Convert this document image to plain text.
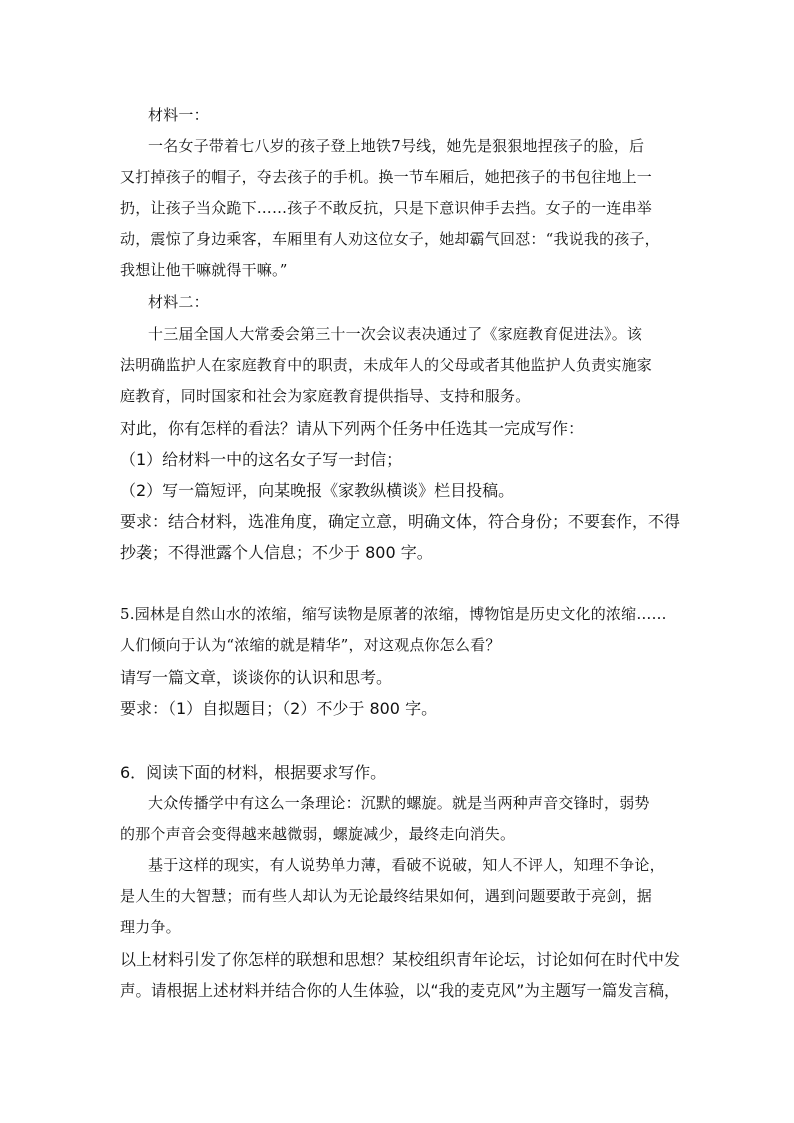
材料一：
一名女子带着七八岁的孩子登上地铁7号线，她先是狠狠地捏孩子的脸，后
又打掉孩子的帽子，夺去孩子的手机。换一节车厢后，她把孩子的书包往地上一
扔，让孩子当众跪下……孩子不敢反抗，只是下意识伸手去挡。女子的一连串举
动，震惊了身边乘客，车厢里有人劝这位女子，她却霸气回怼：“我说我的孩子，
我想让他干嘛就得干嘛。”
材料二：
十三届全国人大常委会第三十一次会议表决通过了《家庭教育促进法》。该
法明确监护人在家庭教育中的职责，未成年人的父母或者其他监护人负责实施家
庭教育，同时国家和社会为家庭教育提供指导、支持和服务。
对此，你有怎样的看法？请从下列两个任务中任选其一完成写作：
（1）给材料一中的这名女子写一封信；
（2）写一篇短评，向某晚报《家教纵横谈》栏目投稿。
要求：结合材料，选准角度，确定立意，明确文体，符合身份；不要套作，不得
抄袭；不得泄露个人信息；不少于 800 字。
5.园林是自然山水的浓缩，缩写读物是原著的浓缩，博物馆是历史文化的浓缩……
人们倾向于认为“浓缩的就是精华”，对这观点你怎么看？
请写一篇文章，谈谈你的认识和思考。
要求：（1）自拟题目；（2）不少于 800 字。
6．阅读下面的材料，根据要求写作。
大众传播学中有这么一条理论：沉默的螺旋。就是当两种声音交锋时，弱势
的那个声音会变得越来越微弱，螺旋减少，最终走向消失。
基于这样的现实，有人说势单力薄，看破不说破，知人不评人，知理不争论，
是人生的大智慧；而有些人却认为无论最终结果如何，遇到问题要敢于亮剑，据
理力争。
以上材料引发了你怎样的联想和思想？某校组织青年论坛，讨论如何在时代中发
声。请根据上述材料并结合你的人生体验，以“我的麦克风”为主题写一篇发言稿，
